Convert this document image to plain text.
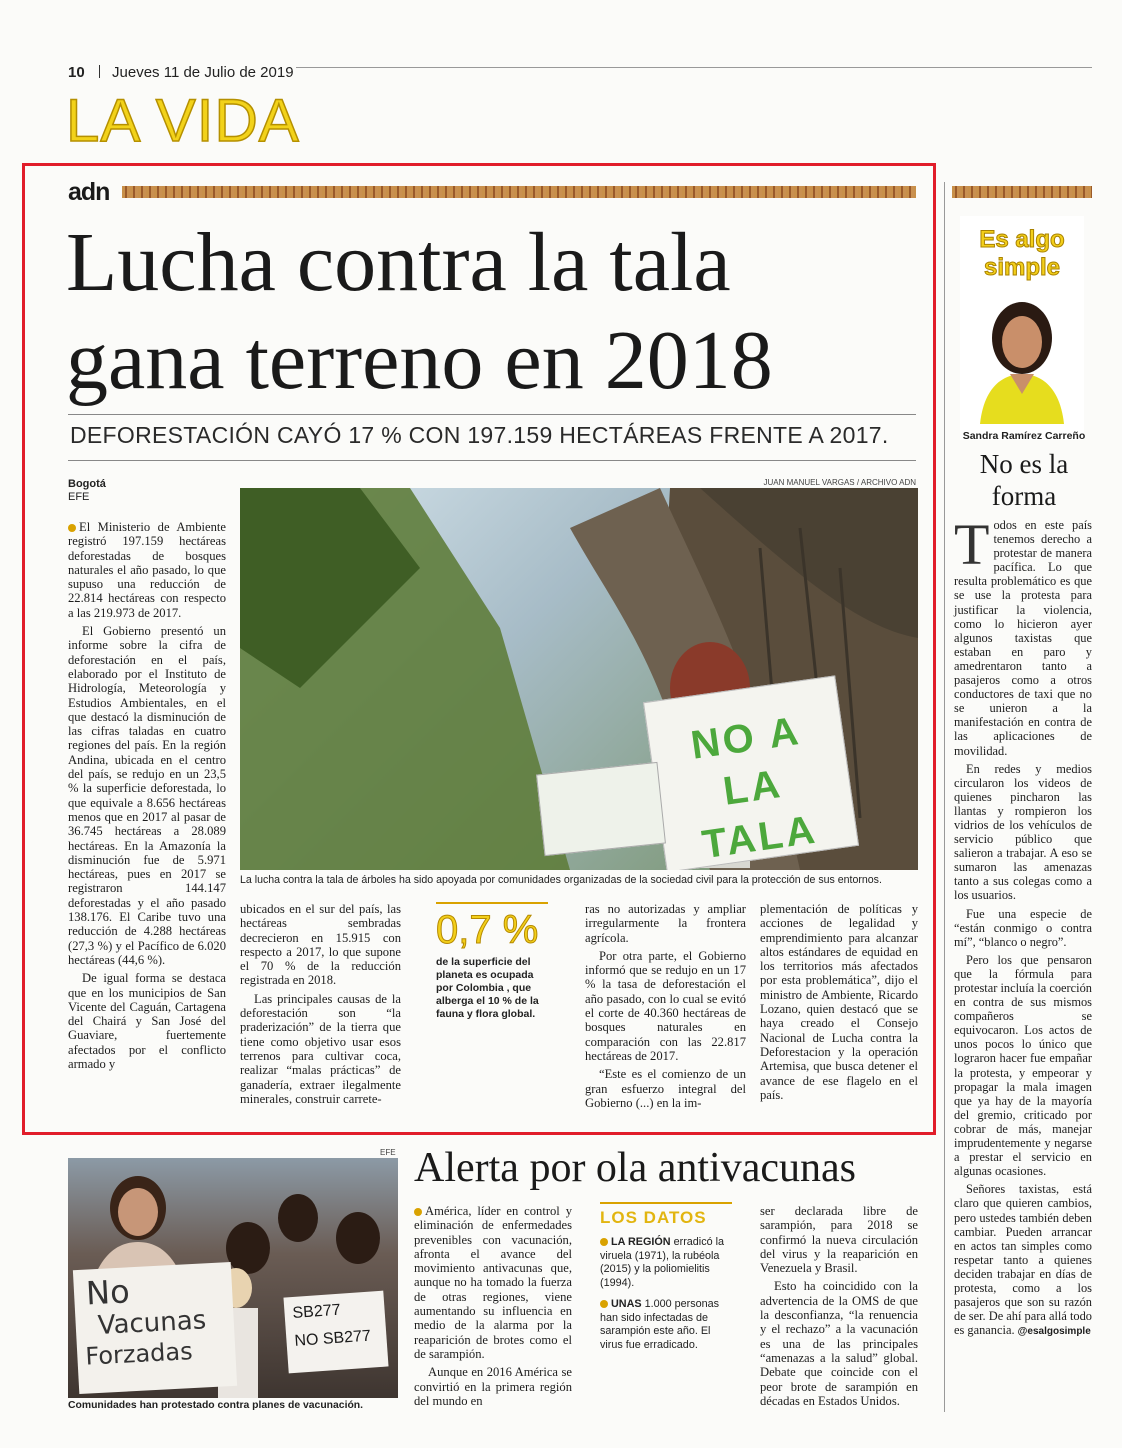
10 Jueves 11 de Julio de 2019
LA VIDA
adn
Lucha contra la tala
gana terreno en 2018
DEFORESTACIÓN CAYÓ 17 % CON 197.159 HECTÁREAS FRENTE A 2017.
Bogotá
EFE
JUAN MANUEL VARGAS / ARCHIVO ADN
NO A LA TALA
La lucha contra la tala de árboles ha sido apoyada por comunidades organizadas de la sociedad civil para la protección de sus entornos.

El Ministerio de Ambiente registró 197.159 hectáreas deforestadas de bosques naturales el año pasado, lo que supuso una reducción de 22.814 hectáreas con respecto a las 219.973 de 2017.

El Gobierno presentó un informe sobre la cifra de deforestación en el país, elaborado por el Instituto de Hidrología, Meteorología y Estudios Ambientales, en el que destacó la disminución de las cifras taladas en cuatro regiones del país. En la región Andina, ubicada en el centro del país, se redujo en un 23,5 % la superficie deforestada, lo que equivale a 8.656 hectáreas menos que en 2017 al pasar de 36.745 hectáreas a 28.089 hectáreas. En la Amazonía la disminución fue de 5.971 hectáreas, pues en 2017 se registraron 144.147 deforestadas y el año pasado 138.176. El Caribe tuvo una reducción de 4.288 hectáreas (27,3 %) y el Pacífico de 6.020 hectáreas (44,6 %).

De igual forma se destaca que en los municipios de San Vicente del Caguán, Cartagena del Chairá y San José del Guaviare, fuertemente afectados por el conflicto armado y

ubicados en el sur del país, las hectáreas sembradas decrecieron en 15.915 con respecto a 2017, lo que supone el 70 % de la reducción registrada en 2018.

Las principales causas de la deforestación son “la praderización” de la tierra que tiene como objetivo usar esos terrenos para cultivar coca, realizar “malas prácticas” de ganadería, extraer ilegalmente minerales, construir carrete-

0,7 %
de la superficie del planeta es ocupada por Colombia , que alberga el 10 % de la fauna y flora global.

ras no autorizadas y ampliar irregularmente la frontera agrícola.

Por otra parte, el Gobierno informó que se redujo en un 17 % la tasa de deforestación el año pasado, con lo cual se evitó el corte de 40.360 hectáreas de bosques naturales en comparación con las 22.817 hectáreas de 2017.

“Este es el comienzo de un gran esfuerzo integral del Gobierno (...) en la im-

plementación de políticas y acciones de legalidad y emprendimiento para alcanzar altos estándares de equidad en los territorios más afectados por esta problemática”, dijo el ministro de Ambiente, Ricardo Lozano, quien destacó que se haya creado el Consejo Nacional de Lucha contra la Deforestacion y la operación Artemisa, que busca detener el avance de ese flagelo en el país.

Es algo
simple
Sandra Ramírez Carreño
No es la forma

Todos en este país tenemos derecho a protestar de manera pacífica. Lo que resulta problemático es que se use la protesta para justificar la violencia, como lo hicieron ayer algunos taxistas que estaban en paro y amedrentaron tanto a pasajeros como a otros conductores de taxi que no se unieron a la manifestación en contra de las aplicaciones de movilidad.

En redes y medios circularon los videos de quienes pincharon las llantas y rompieron los vidrios de los vehículos de servicio público que salieron a trabajar. A eso se sumaron las amenazas tanto a sus colegas como a los usuarios.

Fue una especie de “están conmigo o contra mí”, “blanco o negro”.

Pero los que pensaron que la fórmula para protestar incluía la coerción en contra de sus mismos compañeros se equivocaron. Los actos de unos pocos lo único que lograron hacer fue empañar la protesta, y empeorar y propagar la mala imagen que ya hay de la mayoría del gremio, criticado por cobrar de más, manejar imprudentemente y negarse a prestar el servicio en algunas ocasiones.

Señores taxistas, está claro que quieren cambios, pero ustedes también deben cambiar. Pueden arrancar en actos tan simples como respetar tanto a quienes deciden trabajar en días de protesta, como a los pasajeros que son su razón de ser. De ahí para allá todo es ganancia. @esalgosimple

EFE
No
Vacunas
Forzadas
SB277
NO SB277
Comunidades han protestado contra planes de vacunación.
Alerta por ola antivacunas

América, líder en control y eliminación de enfermedades prevenibles con vacunación, afronta el avance del movimiento antivacunas que, aunque no ha tomado la fuerza de otras regiones, viene aumentando su influencia en medio de la alarma por la reaparición de brotes como el de sarampión.

Aunque en 2016 América se convirtió en la primera región del mundo en

LOS DATOS
LA REGIÓN erradicó la viruela (1971), la rubéola (2015) y la poliomielitis (1994).
UNAS 1.000 personas han sido infectadas de sarampión este año. El virus fue erradicado.

ser declarada libre de sarampión, para 2018 se confirmó la nueva circulación del virus y la reaparición en Venezuela y Brasil.

Esto ha coincidido con la advertencia de la OMS de que la desconfianza, “la renuencia y el rechazo” a la vacunación es una de las principales “amenazas a la salud” global. Debate que coincide con el peor brote de sarampión en décadas en Estados Unidos.
